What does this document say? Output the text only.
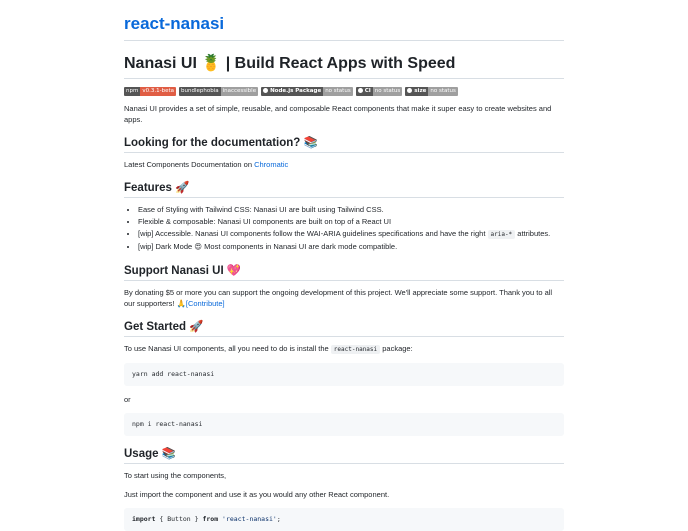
react-nanasi
Nanasi UI 🍍 | Build React Apps with Speed
npm v0.3.1-beta	bundlephobia inaccessible	Node.js Package no status	CI no status	size no status

Nanasi UI provides a set of simple, reusable, and composable React components that make it super easy to create websites and apps.

Looking for the documentation? 📚

Latest Components Documentation on Chromatic

Features 🚀
• Ease of Styling with Tailwind CSS: Nanasi UI are built using Tailwind CSS.
• Flexible & composable: Nanasi UI components are built on top of a React UI
• [wip] Accessible. Nanasi UI components follow the WAI-ARIA guidelines specifications and have the right aria-* attributes.
• [wip] Dark Mode 😍 Most components in Nanasi UI are dark mode compatible.
Support Nanasi UI 💖

By donating $5 or more you can support the ongoing development of this project. We'll appreciate some support. Thank you to all our supporters! 🙏[Contribute]

Get Started 🚀

To use Nanasi UI components, all you need to do is install the react-nanasi package:

yarn add react-nanasi

or

npm i react-nanasi
Usage 📚

To start using the components,

Just import the component and use it as you would any other React component.

import { Button } from 'react-nanasi';
